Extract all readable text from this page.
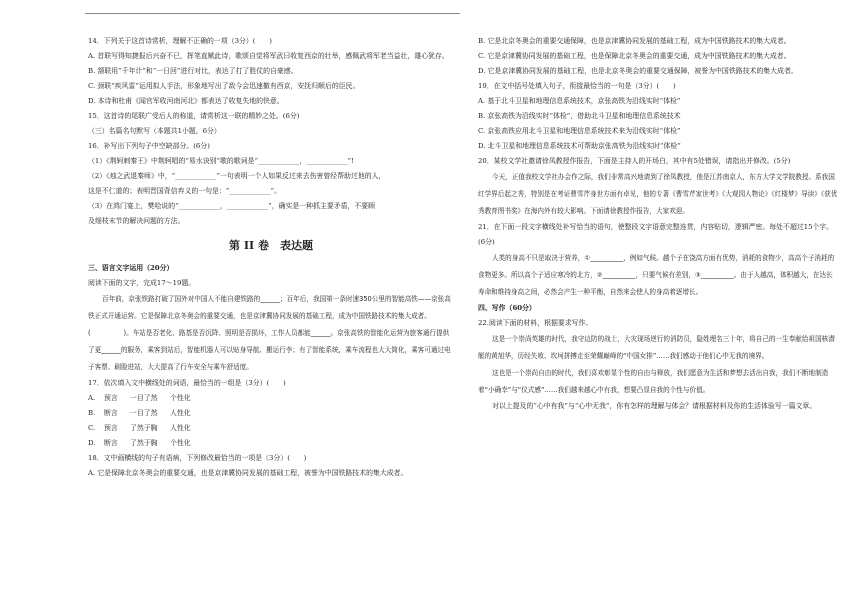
14．下列关于这首诗赏析，理解不正确的一项（3分）(　　)

A. 首联写得知捷报后兴奋不已，挥笔直赋此诗，歌颂自觉将军武曰收复西京的壮举，感佩武将军老当益壮，雄心犹存。

B. 颔联用“千年计”和“一日回”进行对比，表达了打了胜仗的自豪感。

C. 颈联“疾风雷”运用拟人手法，形象地写出了敌今会迅速撤有西京，安抚归顺后的臣民。

D. 本诗和杜甫《闻官军收河南河北》都表达了收复失地的快意。

15．这首诗的尾联广受后人的称道，请赏析这一联的精妙之处。(6分)

（三）名篇名句默写（本题共1小题，6分）

16．补写出下列句子中空缺部分。(6分)

（1）《荆轲刺秦王》中荆轲唱的“易水诀别”歌的歌词是“____________，____________”!

（2）《烛之武退秦师》中，“____________”一句表明一个人如果反过来去伤害曾经帮助过他的人，

这是不仁道的；表明晋国背信弃义的一句是：“____________”。

（3）在鸿门宴上，樊哙说的“____________，____________”，确实是一种抓主要矛盾，不要顾

及细枝末节的解决问题的方法。

第 II 卷　表达题

三、语言文字运用（20分）

阅读下面的文字，完成17～19题。

百年前，京张铁路打破了国外对中国人不能自建铁路的______；百年后，我国第一条时速350公里的智能高铁——京张高铁正式开通运营。它是保障北京冬奥会的重要交通，也是京津冀协同发展的基础工程，成为中国铁路技术的集大成者。(　　　　　)。车站是否老化、路基是否沉降、照明是否损坏，工作人员都能______。京张高铁的智能化运营为旅客通行提供了更______的服务，乘客到站后，智能机器人可以贴身导航、搬运行李；有了智能系统，乘车流程也大大简化，乘客可通过电子客票、刷脸进站，大大提高了行车安全与乘车舒适度。

17．依次填入文中横线处的词语，最恰当的一组是（3分）(　　)

A. 预言 一目了然 个性化

B. 断言 一目了然 人性化

C. 预言 了然于胸 人性化

D. 断言 了然于胸 个性化

18．文中画横线的句子有语病，下列修改最恰当的一项是（3分）(　　)

A. 它是保障北京冬奥会的重要交通，也是京津冀协同发展的基础工程，被誉为中国铁路技术的集大成者。

B. 它是北京冬奥会的重要交通保障，也是京津冀协同发展的基础工程，成为中国铁路技术的集大成者。

C. 它是京津冀协同发展的基础工程，也是保障北京冬奥会的重要交通，成为中国铁路技术的集大成者。

D. 它是京津冀协同发展的基础工程，也是北京冬奥会的重要交通保障，被誉为中国铁路技术的集大成者。

19．在文中括号处填入句子，衔接最恰当的一句是（3分）(　　)

A. 基于北斗卫星和地理信息系统技术，京张高铁为沿线实时“体检”

B. 京张高铁为沿线实时“体检”，借助北斗卫星和地理信息系统技术

C. 京张高铁应用北斗卫星和地理信息系统技术来为沿线实时“体检”

D. 北斗卫星和地理信息系统技术可帮助京张高铁为沿线实时“体检”

20．某校文学社邀请徐凤教授作报告，下面是主持人的开场白，其中有5处错误，请指出并修改。(5分)

今天，正值我校文学社办会作之际，我们非常高兴地请到了徐凤教授，他是江苏南京人，东方大学文学院教授。系我国红学界后起之秀，特别是在考证曹雪芹身世方面有卓见，他的专著《曹雪芹家世考》《大观园人物论》《红楼梦》导读》《获优秀教育图书奖》在海内外有较大影响。下面请徐教授作报告，大家欢迎。

21．在下面一段文字横线处补写恰当的语句，使整段文字语意完整连贯，内容贴切，逻辑严密。每处不超过15个字。(6分)

人类的身高不只是取决于营养，①__________，例如气候。越个子在饶高方面有优势，消耗的食物少，高高个子消耗的食物更多。所以高个子适应寒冷的北方，②__________，只要气候有差别，③__________。由于人越高，体积越大，在达长寿命和维持身高之间，必然会产生一种平衡，自然来会使人的身高着逐增长。

四、写作（60分）

22.阅读下面的材料，根据要求写作。

这是一个崇尚英雄的时代，我守边防的战士，大灾现场逆行的消防员，隐姓埋名三十年，将自己的一生奉献给祖国核潜艇的黄旭华，历经失败、坎坷拼搏走至荣耀巅峰的“中国女排”……我们感动于他们心中无我的境界。

这也是一个崇尚自由的时代，我们喜欢彰显个性的自由与释放，我们愿意为生活和梦想去活出自我，我们不断地制造着“小确幸”与“仪式感”……我们越来越心中有我，想要凸显自我的个性与价值。

对以上提及的“心中有我”与“心中无我”，你有怎样的理解与体会？请根据材料及你的生活体验写一篇文章。
